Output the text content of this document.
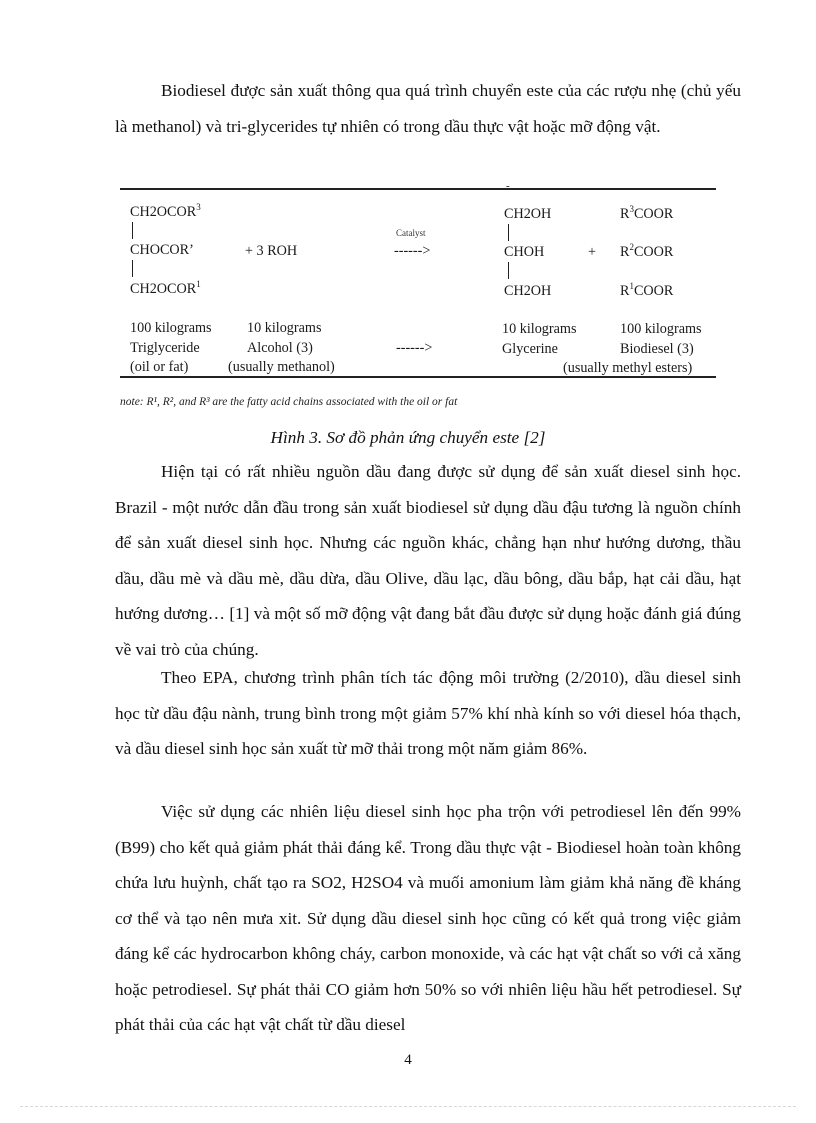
Biodiesel được sản xuất thông qua quá trình chuyển este của các rượu nhẹ (chủ yếu là methanol) và tri-glycerides tự nhiên có trong dầu thực vật hoặc mỡ động vật.

-
CH2OCOR$^3$
CHOCOR’
$CH2OCOR^1$
+ 3 ROH
Catalyst
------>
CH2OH
CHOH
CH2OH
+
$R^3COOR$
$R^2COOR$
$R^1COOR$
100 kilograms
Triglyceride
(oil or fat)
10 kilograms
Alcohol (3)
(usually methanol)
------>
10 kilograms
Glycerine
100 kilograms
Biodiesel (3)
(usually methyl esters)
note: R¹, R², and R³ are the fatty acid chains associated with the oil or fat
Hình 3. Sơ đồ phản ứng chuyển este [2]

Hiện tại có rất nhiều nguồn dầu đang được sử dụng để sản xuất diesel sinh học. Brazil - một nước dẫn đầu trong sản xuất biodiesel sử dụng dầu đậu tương là nguồn chính để sản xuất diesel sinh học. Nhưng các nguồn khác, chẳng hạn như hướng dương, thầu dầu, dầu mè và dầu mè, dầu dừa, dầu Olive, dầu lạc, dầu bông, dầu bắp, hạt cải dầu, hạt hướng dương… [1] và một số mỡ động vật đang bắt đầu được sử dụng hoặc đánh giá đúng về vai trò của chúng.

Theo EPA, chương trình phân tích tác động môi trường (2/2010), dầu diesel sinh học từ dầu đậu nành, trung bình trong một giảm 57% khí nhà kính so với diesel hóa thạch, và dầu diesel sinh học sản xuất từ mỡ thải trong một năm giảm 86%.

Việc sử dụng các nhiên liệu diesel sinh học pha trộn với petrodiesel lên đến 99% (B99) cho kết quả giảm phát thải đáng kể. Trong dầu thực vật - Biodiesel hoàn toàn không chứa lưu huỳnh, chất tạo ra SO2, H2SO4 và muối amonium làm giảm khả năng đề kháng cơ thể và tạo nên mưa xit. Sử dụng dầu diesel sinh học cũng có kết quả trong việc giảm đáng kể các hydrocarbon không cháy, carbon monoxide, và các hạt vật chất so với cả xăng hoặc petrodiesel. Sự phát thải CO giảm hơn 50% so với nhiên liệu hầu hết petrodiesel. Sự phát thải của các hạt vật chất từ dầu diesel

4
